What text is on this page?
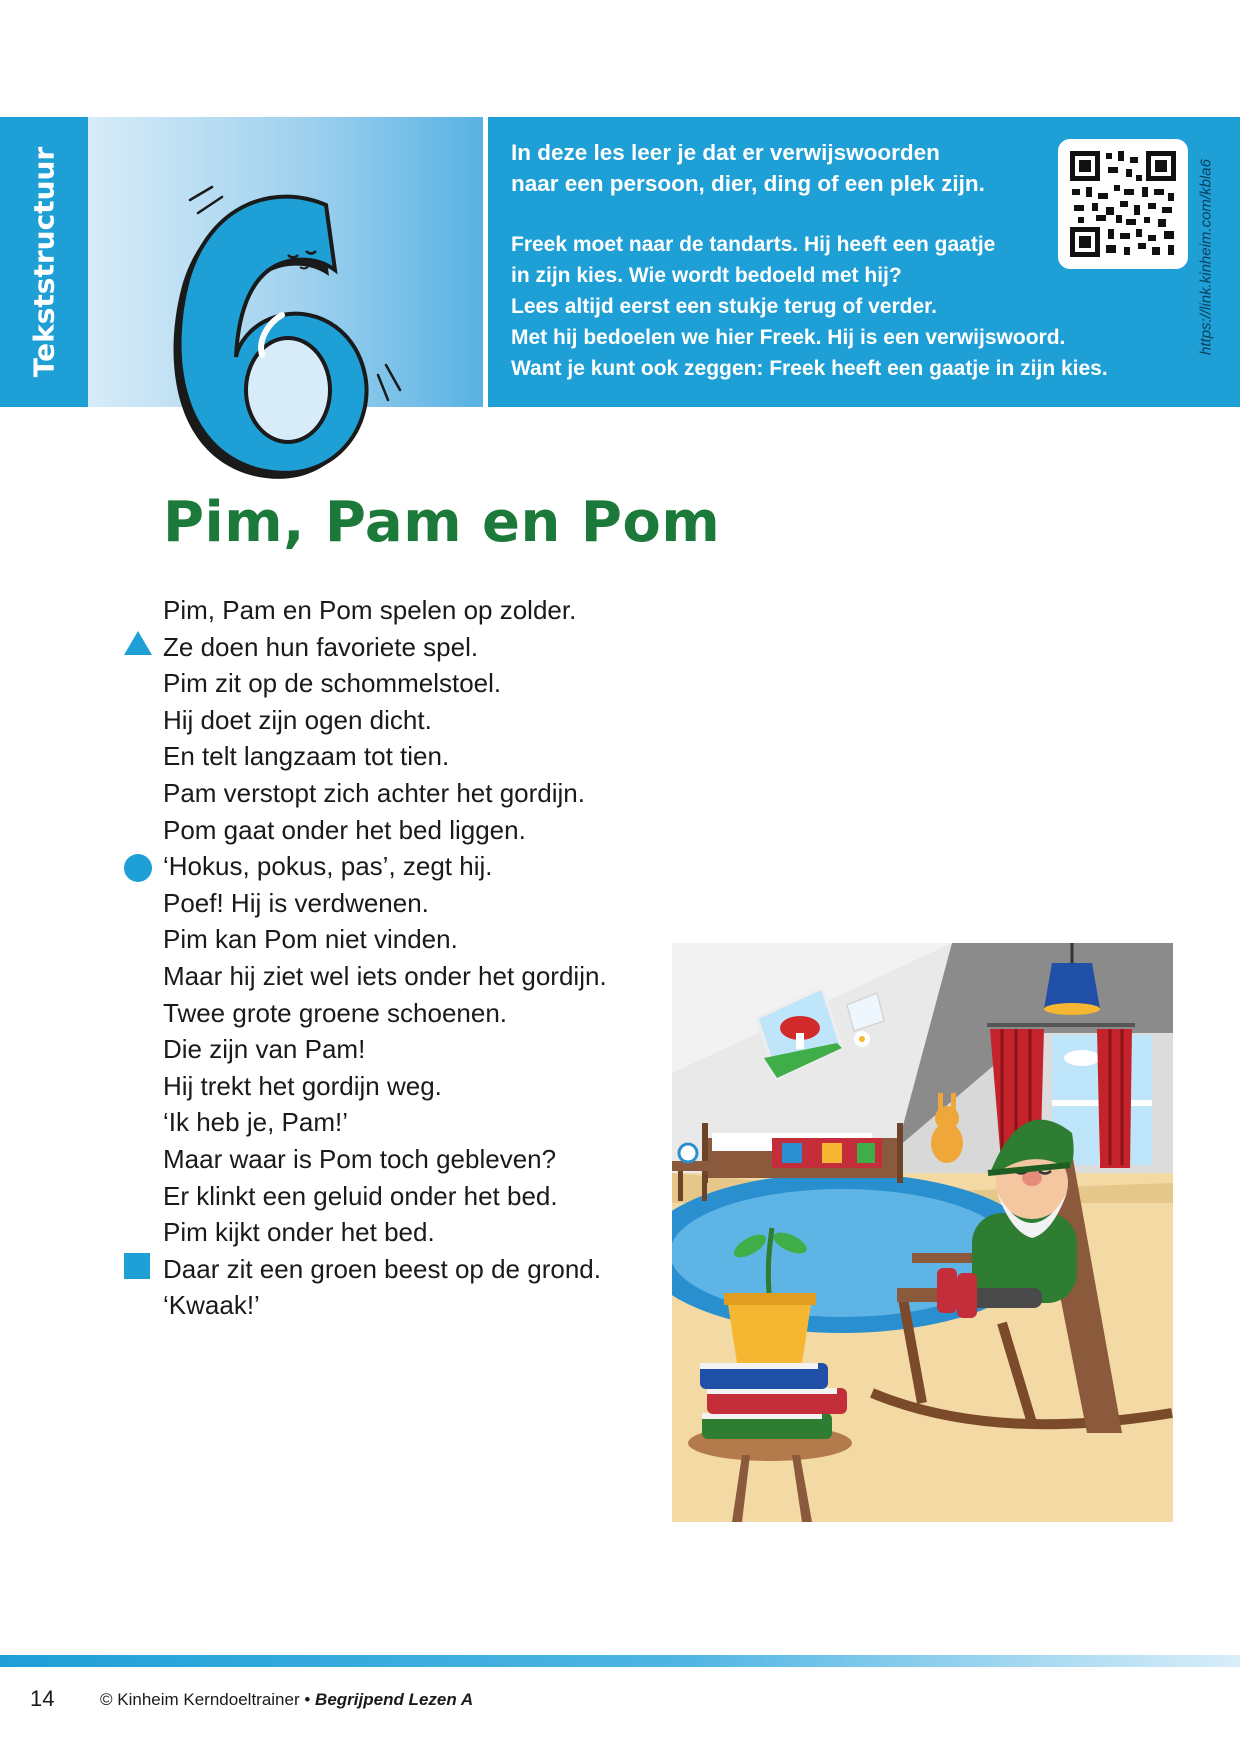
Tekststructuur	In deze les leer je dat er verwijswoorden
naar een persoon, dier, ding of een plek zijn.
Freek moet naar de tandarts. Hij heeft een gaatje
in zijn kies. Wie wordt bedoeld met hij?
Lees altijd eerst een stukje terug of verder.
Met hij bedoelen we hier Freek. Hij is een verwijswoord.
Want je kunt ook zeggen: Freek heeft een gaatje in zijn kies.
https://link.kinheim.com/kbla6
Pim, Pam en Pom
Pim, Pam en Pom spelen op zolder.
Ze doen hun favoriete spel.
Pim zit op de schommelstoel.
Hij doet zijn ogen dicht.
En telt langzaam tot tien.
Pam verstopt zich achter het gordijn.
Pom gaat onder het bed liggen.
‘Hokus, pokus, pas’, zegt hij.
Poef! Hij is verdwenen.
Pim kan Pom niet vinden.
Maar hij ziet wel iets onder het gordijn.
Twee grote groene schoenen.
Die zijn van Pam!
Hij trekt het gordijn weg.
‘Ik heb je, Pam!’
Maar waar is Pom toch gebleven?
Er klinkt een geluid onder het bed.
Pim kijkt onder het bed.
Daar zit een groen beest op de grond.
‘Kwaak!’
14	© Kinheim Kerndoeltrainer • Begrijpend Lezen A
